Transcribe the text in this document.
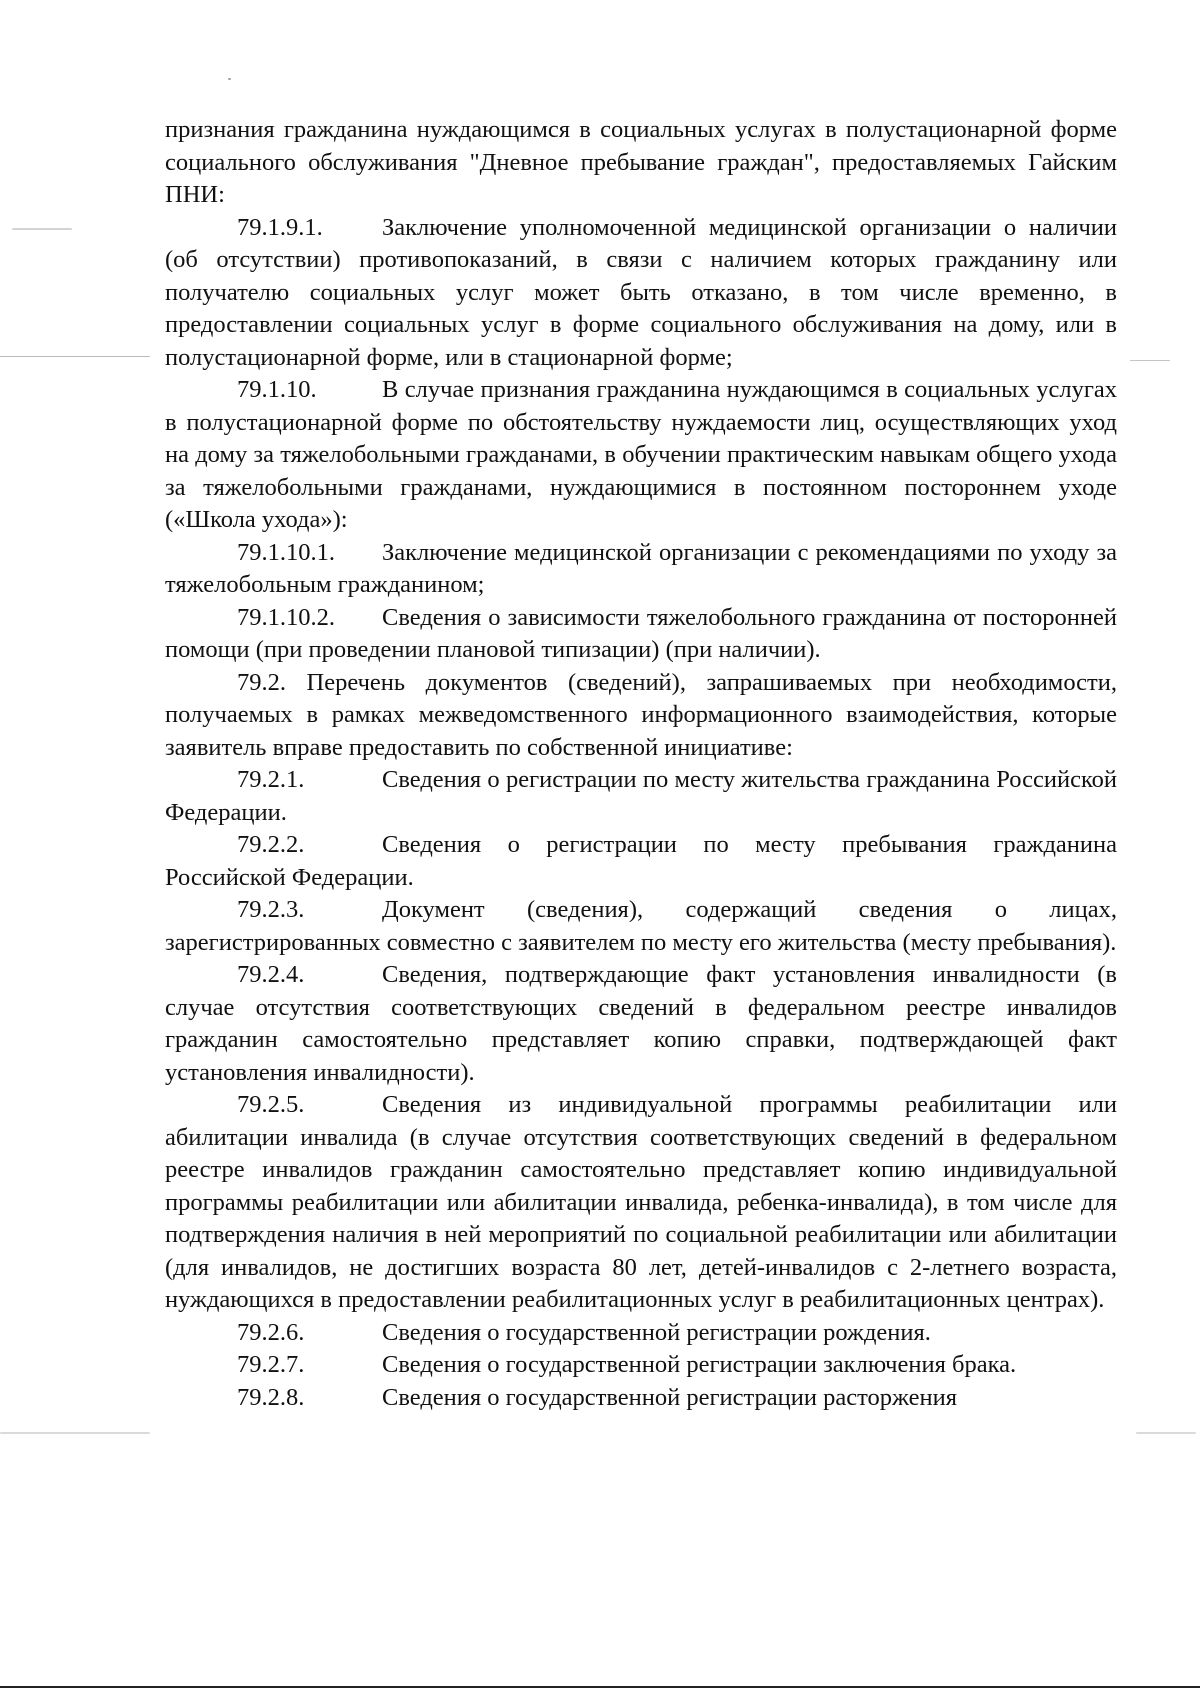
признания гражданина нуждающимся в социальных услугах в полустационарной форме социального обслуживания "Дневное пребывание граждан", предоставляемых Гайским ПНИ:

79.1.9.1. Заключение уполномоченной медицинской организации о наличии (об отсутствии) противопоказаний, в связи с наличием которых гражданину или получателю социальных услуг может быть отказано, в том числе временно, в предоставлении социальных услуг в форме социального обслуживания на дому, или в полустационарной форме, или в стационарной форме;

79.1.10.	В случае признания гражданина нуждающимся в социальных услугах в полустационарной форме по обстоятельству нуждаемости лиц, осуществляющих уход на дому за тяжелобольными гражданами, в обучении практическим навыкам общего ухода за тяжелобольными гражданами, нуждающимися в постоянном постороннем уходе («Школа ухода»):

79.1.10.1. Заключение медицинской организации с рекомендациями по уходу за тяжелобольным гражданином;

79.1.10.2. Сведения о зависимости тяжелобольного гражданина от посторонней помощи (при проведении плановой типизации) (при наличии).

79.2. Перечень документов (сведений), запрашиваемых при необходимости, получаемых в рамках межведомственного информационного взаимодействия, которые заявитель вправе предоставить по собственной инициативе:

79.2.1.	Сведения о регистрации по месту жительства гражданина Российской Федерации.

79.2.2.	Сведения о регистрации по месту пребывания гражданина Российской Федерации.

79.2.3.	Документ (сведения), содержащий сведения о лицах, зарегистрированных совместно с заявителем по месту его жительства (месту пребывания).

79.2.4.	Сведения, подтверждающие факт установления инвалидности (в случае отсутствия соответствующих сведений в федеральном реестре инвалидов гражданин самостоятельно представляет копию справки, подтверждающей факт установления инвалидности).

79.2.5.	Сведения из индивидуальной программы реабилитации или абилитации инвалида (в случае отсутствия соответствующих сведений в федеральном реестре инвалидов гражданин самостоятельно представляет копию индивидуальной программы реабилитации или абилитации инвалида, ребенка-инвалида), в том числе для подтверждения наличия в ней мероприятий по социальной реабилитации или абилитации (для инвалидов, не достигших возраста 80 лет, детей-инвалидов с 2-летнего возраста, нуждающихся в предоставлении реабилитационных услуг в реабилитационных центрах).

79.2.6.	Сведения о государственной регистрации рождения.

79.2.7.	Сведения о государственной регистрации заключения брака.

79.2.8.	Сведения о государственной регистрации расторжения
